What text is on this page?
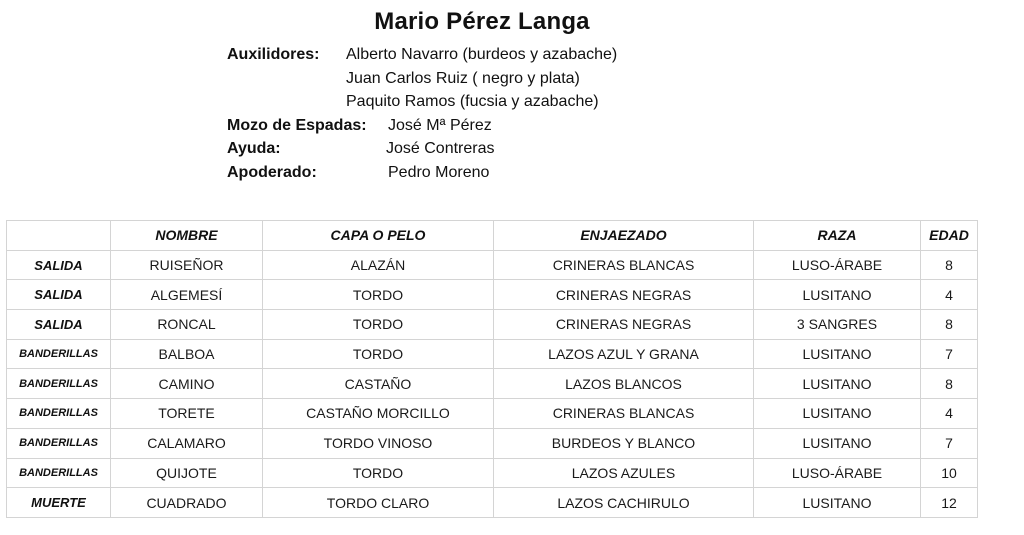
Mario Pérez Langa
Auxilidores: Alberto Navarro (burdeos y azabache)
Juan Carlos Ruiz ( negro y plata)
Paquito Ramos (fucsia y azabache)
Mozo de Espadas: José Mª Pérez
Ayuda:	José Contreras
Apoderado:	Pedro Moreno
	NOMBRE	CAPA O PELO	ENJAEZADO	RAZA	EDAD
SALIDA	RUISEÑOR	ALAZÁN	CRINERAS BLANCAS	LUSO-ÁRABE	8
SALIDA	ALGEMESÍ	TORDO	CRINERAS NEGRAS	LUSITANO	4
SALIDA	RONCAL	TORDO	CRINERAS NEGRAS	3 SANGRES	8
BANDERILLAS	BALBOA	TORDO	LAZOS AZUL Y GRANA	LUSITANO	7
BANDERILLAS	CAMINO	CASTAÑO	LAZOS BLANCOS	LUSITANO	8
BANDERILLAS	TORETE	CASTAÑO MORCILLO	CRINERAS BLANCAS	LUSITANO	4
BANDERILLAS	CALAMARO	TORDO VINOSO	BURDEOS Y BLANCO	LUSITANO	7
BANDERILLAS	QUIJOTE	TORDO	LAZOS AZULES	LUSO-ÁRABE	10
MUERTE	CUADRADO	TORDO CLARO	LAZOS CACHIRULO	LUSITANO	12
